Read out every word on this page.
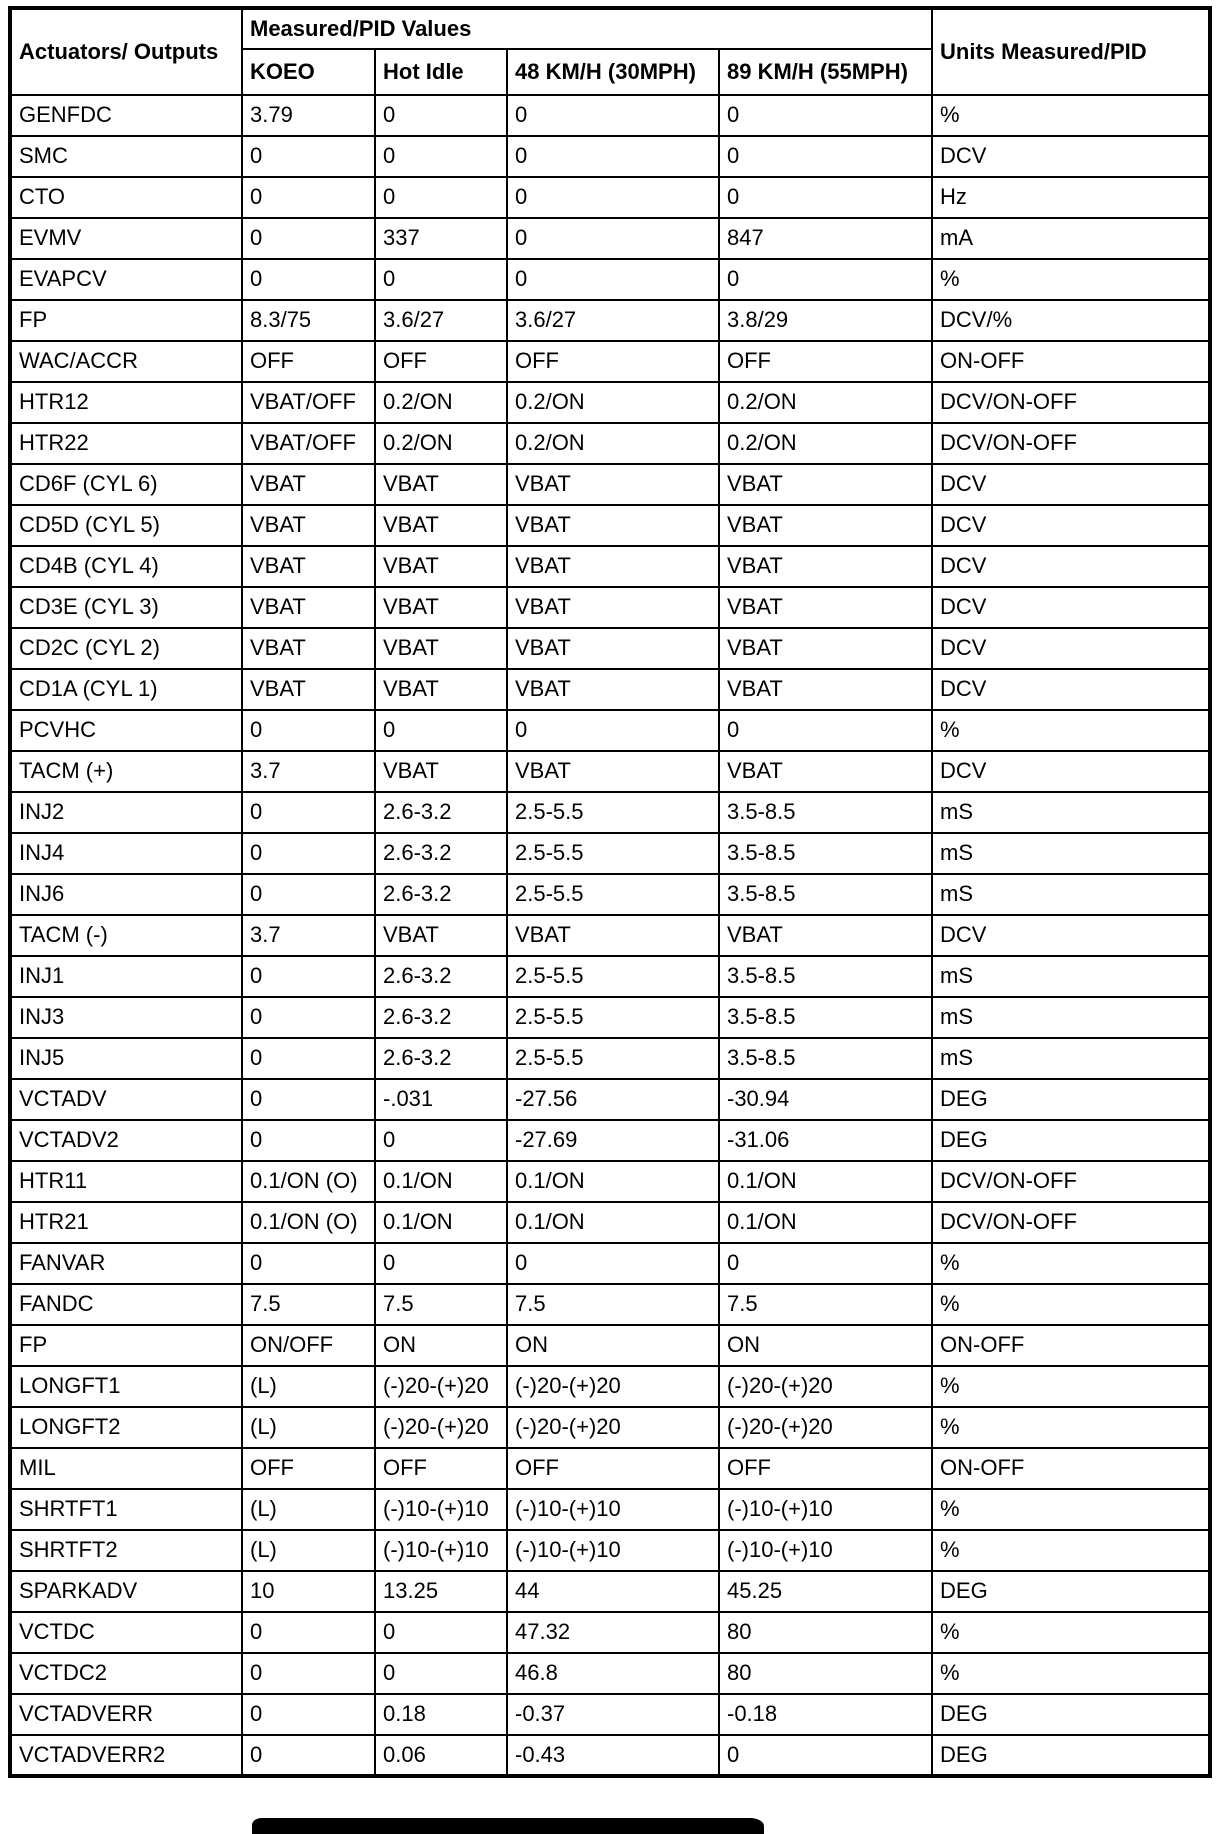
Actuators/ Outputs	Measured/PID Values				Units Measured/PID
	KOEO	Hot Idle	48 KM/H (30MPH)	89 KM/H (55MPH)	
GENFDC	3.79	0	0	0	%
SMC	0	0	0	0	DCV
CTO	0	0	0	0	Hz
EVMV	0	337	0	847	mA
EVAPCV	0	0	0	0	%
FP	8.3/75	3.6/27	3.6/27	3.8/29	DCV/%
WAC/ACCR	OFF	OFF	OFF	OFF	ON-OFF
HTR12	VBAT/OFF	0.2/ON	0.2/ON	0.2/ON	DCV/ON-OFF
HTR22	VBAT/OFF	0.2/ON	0.2/ON	0.2/ON	DCV/ON-OFF
CD6F (CYL 6)	VBAT	VBAT	VBAT	VBAT	DCV
CD5D (CYL 5)	VBAT	VBAT	VBAT	VBAT	DCV
CD4B (CYL 4)	VBAT	VBAT	VBAT	VBAT	DCV
CD3E (CYL 3)	VBAT	VBAT	VBAT	VBAT	DCV
CD2C (CYL 2)	VBAT	VBAT	VBAT	VBAT	DCV
CD1A (CYL 1)	VBAT	VBAT	VBAT	VBAT	DCV
PCVHC	0	0	0	0	%
TACM (+)	3.7	VBAT	VBAT	VBAT	DCV
INJ2	0	2.6-3.2	2.5-5.5	3.5-8.5	mS
INJ4	0	2.6-3.2	2.5-5.5	3.5-8.5	mS
INJ6	0	2.6-3.2	2.5-5.5	3.5-8.5	mS
TACM (-)	3.7	VBAT	VBAT	VBAT	DCV
INJ1	0	2.6-3.2	2.5-5.5	3.5-8.5	mS
INJ3	0	2.6-3.2	2.5-5.5	3.5-8.5	mS
INJ5	0	2.6-3.2	2.5-5.5	3.5-8.5	mS
VCTADV	0	-.031	-27.56	-30.94	DEG
VCTADV2	0	0	-27.69	-31.06	DEG
HTR11	0.1/ON (O)	0.1/ON	0.1/ON	0.1/ON	DCV/ON-OFF
HTR21	0.1/ON (O)	0.1/ON	0.1/ON	0.1/ON	DCV/ON-OFF
FANVAR	0	0	0	0	%
FANDC	7.5	7.5	7.5	7.5	%
FP	ON/OFF	ON	ON	ON	ON-OFF
LONGFT1	(L)	(-)20-(+)20	(-)20-(+)20	(-)20-(+)20	%
LONGFT2	(L)	(-)20-(+)20	(-)20-(+)20	(-)20-(+)20	%
MIL	OFF	OFF	OFF	OFF	ON-OFF
SHRTFT1	(L)	(-)10-(+)10	(-)10-(+)10	(-)10-(+)10	%
SHRTFT2	(L)	(-)10-(+)10	(-)10-(+)10	(-)10-(+)10	%
SPARKADV	10	13.25	44	45.25	DEG
VCTDC	0	0	47.32	80	%
VCTDC2	0	0	46.8	80	%
VCTADVERR	0	0.18	-0.37	-0.18	DEG
VCTADVERR2	0	0.06	-0.43	0	DEG
